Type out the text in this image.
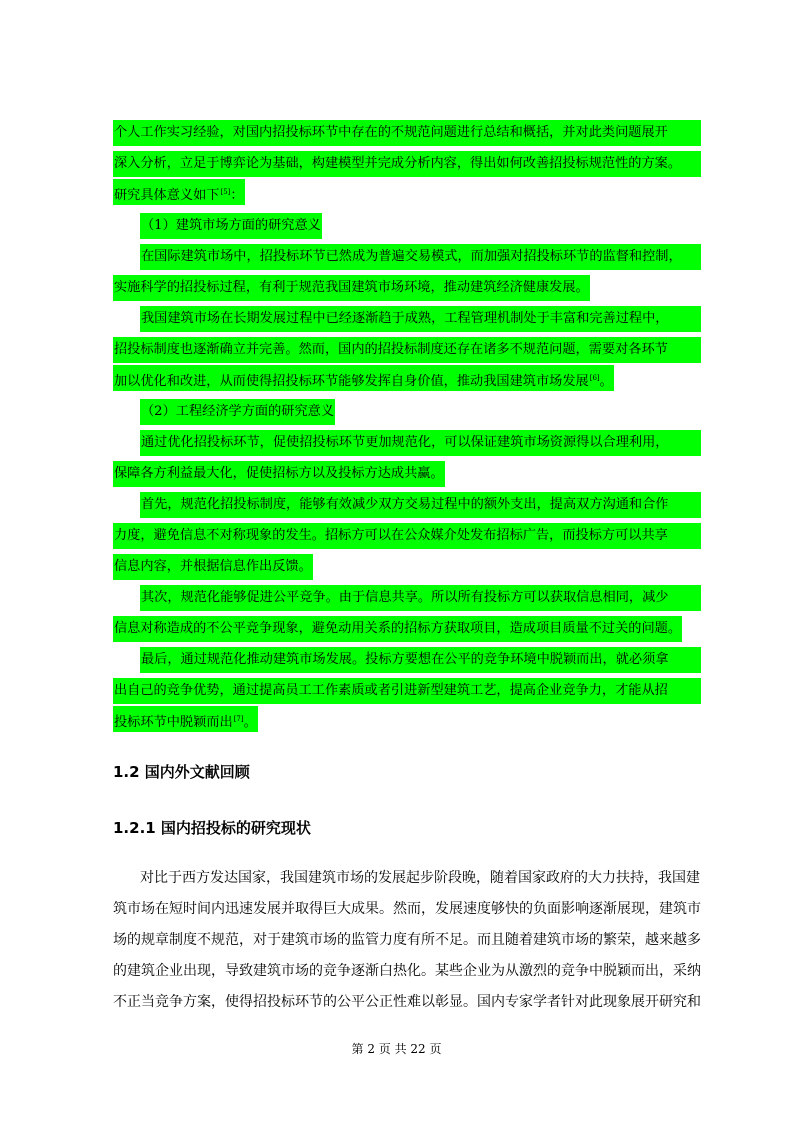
个人工作实习经验，对国内招投标环节中存在的不规范问题进行总结和概括，并对此类问题展开
深入分析，立足于博弈论为基础，构建模型并完成分析内容，得出如何改善招投标规范性的方案。
研究具体意义如下[5]：
（1）建筑市场方面的研究意义
在国际建筑市场中，招投标环节已然成为普遍交易模式，而加强对招投标环节的监督和控制，
实施科学的招投标过程，有利于规范我国建筑市场环境，推动建筑经济健康发展。
我国建筑市场在长期发展过程中已经逐渐趋于成熟，工程管理机制处于丰富和完善过程中，
招投标制度也逐渐确立并完善。然而，国内的招投标制度还存在诸多不规范问题，需要对各环节
加以优化和改进，从而使得招投标环节能够发挥自身价值，推动我国建筑市场发展[6]。
（2）工程经济学方面的研究意义
通过优化招投标环节，促使招投标环节更加规范化，可以保证建筑市场资源得以合理利用，
保障各方利益最大化，促使招标方以及投标方达成共赢。
首先，规范化招投标制度，能够有效减少双方交易过程中的额外支出，提高双方沟通和合作
力度，避免信息不对称现象的发生。招标方可以在公众媒介处发布招标广告，而投标方可以共享
信息内容，并根据信息作出反馈。
其次，规范化能够促进公平竞争。由于信息共享。所以所有投标方可以获取信息相同，减少
信息对称造成的不公平竞争现象，避免动用关系的招标方获取项目，造成项目质量不过关的问题。
最后，通过规范化推动建筑市场发展。投标方要想在公平的竞争环境中脱颖而出，就必须拿
出自己的竞争优势，通过提高员工工作素质或者引进新型建筑工艺，提高企业竞争力，才能从招
投标环节中脱颖而出[7]。
1.2 国内外文献回顾
1.2.1 国内招投标的研究现状
对比于西方发达国家，我国建筑市场的发展起步阶段晚，随着国家政府的大力扶持，我国建
筑市场在短时间内迅速发展并取得巨大成果。然而，发展速度够快的负面影响逐渐展现，建筑市
场的规章制度不规范，对于建筑市场的监管力度有所不足。而且随着建筑市场的繁荣，越来越多
的建筑企业出现，导致建筑市场的竞争逐渐白热化。某些企业为从激烈的竞争中脱颖而出，采纳
不正当竞争方案，使得招投标环节的公平公正性难以彰显。国内专家学者针对此现象展开研究和
第 2 页 共 22 页
